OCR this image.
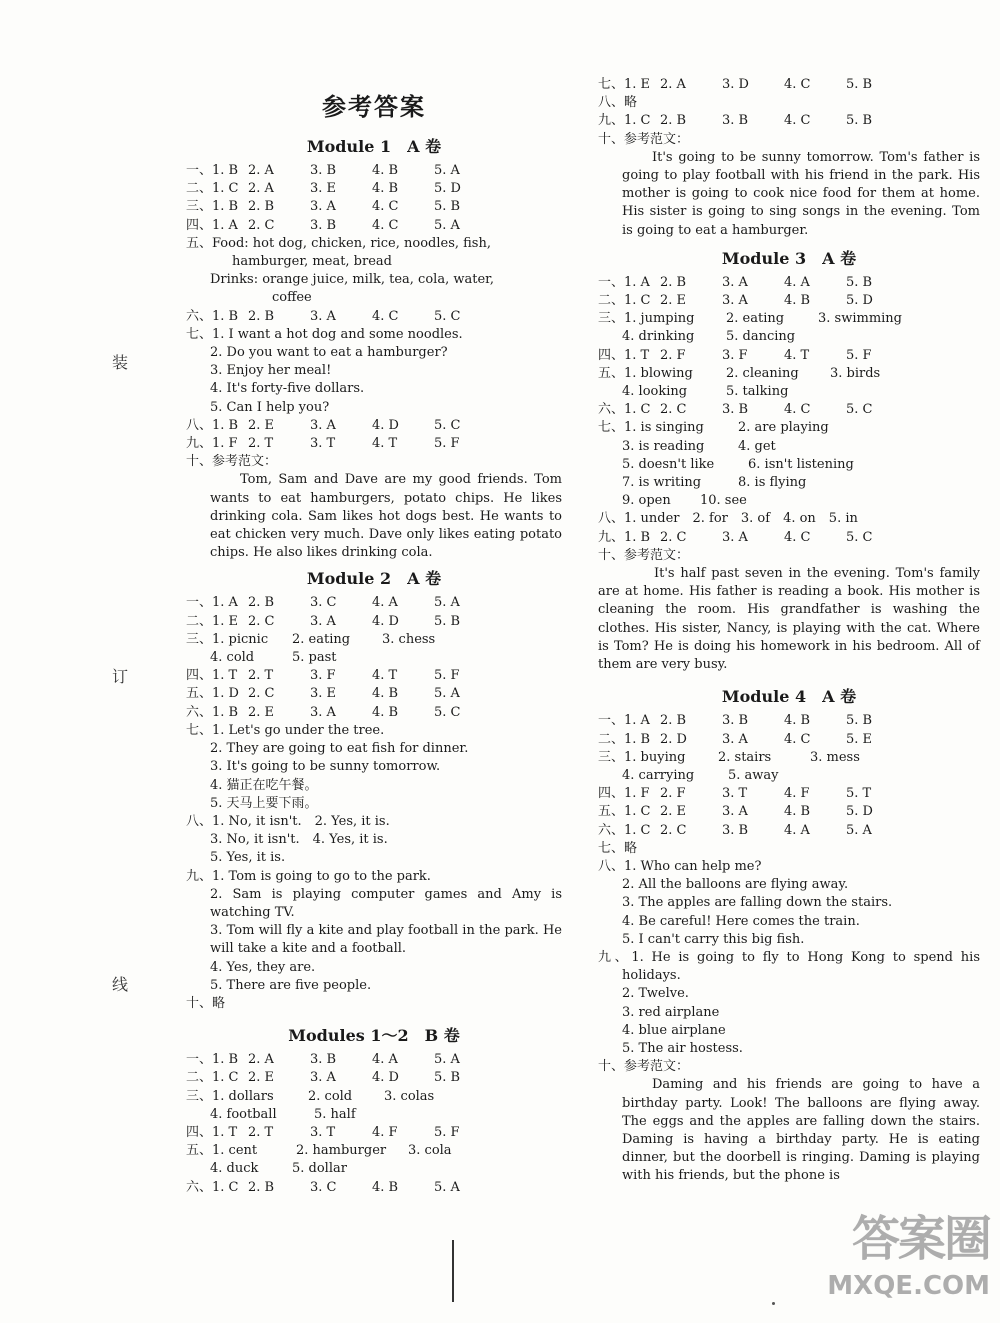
装
订
线
参考答案
Module 1　A 卷
一、1. B 2. A	3. B	4. B	5. A
二、1. C 2. A	3. E	4. B	5. D
三、1. B 2. B	3. A	4. C	5. B
四、1. A 2. C	3. B	4. C	5. A
五、Food: hot dog, chicken, rice, noodles, fish,
hamburger, meat, bread
Drinks: orange juice, milk, tea, cola, water,
coffee
六、1. B 2. B	3. A	4. C	5. C
七、1. I want a hot dog and some noodles.
2. Do you want to eat a hamburger?
3. Enjoy her meal!
4. It's forty-five dollars.
5. Can I help you?
八、1. B 2. E	3. A	4. D	5. C
九、1. F 2. T	3. T	4. T	5. F
十、参考范文：
Tom, Sam and Dave are my good friends. Tom wants to eat hamburgers, potato chips. He likes drinking cola. Sam likes hot dogs best. He wants to eat chicken very much. Dave only likes eating potato chips. He also likes drinking cola.
Module 2　A 卷
一、1. A 2. B	3. C	4. A	5. A
二、1. E 2. C	3. A	4. D	5. B
三、1. picnic	2. eating	3. chess
4. cold	5. past
四、1. T 2. T	3. F	4. T	5. F
五、1. D 2. C	3. E	4. B	5. A
六、1. B 2. E	3. A	4. B	5. C
七、1. Let's go under the tree.
2. They are going to eat fish for dinner.
3. It's going to be sunny tomorrow.
4. 猫正在吃午餐。
5. 天马上要下雨。
八、1. No, it isn't.　2. Yes, it is.
3. No, it isn't.　4. Yes, it is.
5. Yes, it is.
九、1. Tom is going to go to the park.
2. Sam is playing computer games and Amy is watching TV.
3. Tom will fly a kite and play football in the park. He will take a kite and a football.
4. Yes, they are.
5. There are five people.
十、略
Modules 1～2　B 卷
一、1. B 2. A	3. B	4. A	5. A
二、1. C 2. E	3. A	4. D	5. B
三、1. dollars	2. cold	3. colas
4. football	5. half
四、1. T 2. T	3. T	4. F	5. F
五、1. cent	2. hamburger	3. cola
4. duck	5. dollar
六、1. C 2. B	3. C	4. B	5. A
七、1. E 2. A	3. D	4. C	5. B
八、略
九、1. C 2. B	3. B	4. C	5. B
十、参考范文：
It's going to be sunny tomorrow. Tom's father is going to play football with his friend in the park. His mother is going to cook nice food for them at home. His sister is going to sing songs in the evening. Tom is going to eat a hamburger.
Module 3　A 卷
一、1. A 2. B	3. A	4. A	5. B
二、1. C 2. E	3. A	4. B	5. D
三、1. jumping	2. eating	3. swimming
4. drinking	5. dancing
四、1. T 2. F	3. F	4. T	5. F
五、1. blowing	2. cleaning	3. birds
4. looking	5. talking
六、1. C 2. C	3. B	4. C	5. C
七、1. is singing	2. are playing
3. is reading	4. get
5. doesn't like	6. isn't listening
7. is writing	8. is flying
9. open	10. see
八、1. under　2. for　3. of　4. on　5. in
九、1. B 2. C	3. A	4. C	5. C
十、参考范文：
It's half past seven in the evening. Tom's family are at home. His father is reading a book. His mother is cleaning the room. His grandfather is washing the clothes. His sister, Nancy, is playing with the cat. Where is Tom? He is doing his homework in his bedroom. All of them are very busy.
Module 4　A 卷
一、1. A 2. B	3. B	4. B	5. B
二、1. B 2. D	3. A	4. C	5. E
三、1. buying	2. stairs	3. mess
4. carrying	5. away
四、1. F 2. F	3. T	4. F	5. T
五、1. C 2. E	3. A	4. B	5. D
六、1. C 2. C	3. B	4. A	5. A
七、略
八、1. Who can help me?
2. All the balloons are flying away.
3. The apples are falling down the stairs.
4. Be careful! Here comes the train.
5. I can't carry this big fish.
九、1. He is going to fly to Hong Kong to spend his holidays.
2. Twelve.
3. red airplane
4. blue airplane
5. The air hostess.
十、参考范文：
Daming and his friends are going to have a birthday party. Look! The balloons are flying away. The eggs and the apples are falling down the stairs. Daming is having a birthday party. He is eating dinner, but the doorbell is ringing. Daming is playing with his friends, but the phone is
答案圈
MXQE.COM
